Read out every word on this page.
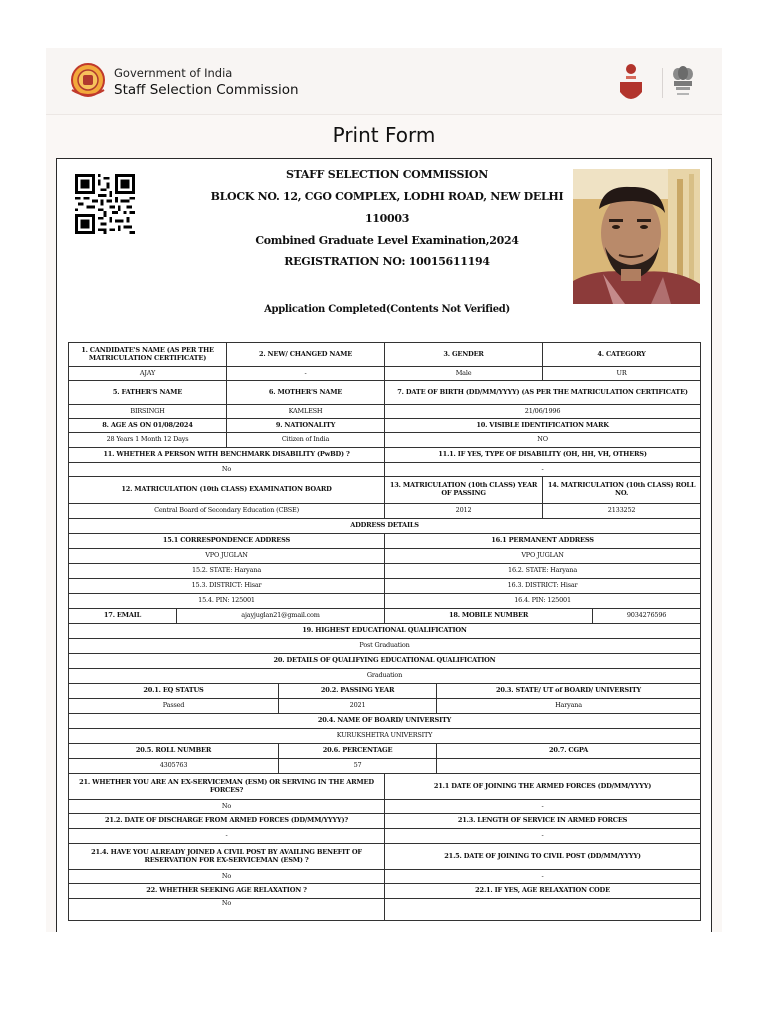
Government of India
Staff Selection Commission
Print Form
STAFF SELECTION COMMISSION
BLOCK NO. 12, CGO COMPLEX, LODHI ROAD, NEW DELHI
110003
Combined Graduate Level Examination,2024
REGISTRATION NO: 10015611194
Application Completed(Contents Not Verified)
1. CANDIDATE'S NAME (AS PER THE MATRICULATION CERTIFICATE)		2. NEW/ CHANGED NAME		3. GENDER		4. CATEGORY	
AJAY		-		Male		UR	
5. FATHER'S NAME		6. MOTHER'S NAME		7. DATE OF BIRTH (DD/MM/YYYY) (AS PER THE MATRICULATION CERTIFICATE)			
BIRSINGH		KAMLESH		21/06/1996			
8. AGE AS ON 01/08/2024		9. NATIONALITY		10. VISIBLE IDENTIFICATION MARK			
28 Years 1 Month 12 Days		Citizen of India		NO			
11. WHETHER A PERSON WITH BENCHMARK DISABILITY (PwBD) ?				11.1. IF YES, TYPE OF DISABILITY (OH, HH, VH, OTHERS)			
No				-			
12. MATRICULATION (10th CLASS) EXAMINATION BOARD				13. MATRICULATION (10th CLASS) YEAR OF PASSING		14. MATRICULATION (10th CLASS) ROLL NO.	
Central Board of Secondary Education (CBSE)				2012		2133252	
ADDRESS DETAILS							
15.1 CORRESPONDENCE ADDRESS				16.1 PERMANENT ADDRESS			
VPO JUGLAN				VPO JUGLAN			
15.2. STATE: Haryana				16.2. STATE: Haryana			
15.3. DISTRICT: Hisar				16.3. DISTRICT: Hisar			
15.4. PIN: 125001				16.4. PIN: 125001			
17. EMAIL	ajayjuglan21@gmail.com			18. MOBILE NUMBER			9034276596
19. HIGHEST EDUCATIONAL QUALIFICATION							
Post Graduation							
20. DETAILS OF QUALIFYING EDUCATIONAL QUALIFICATION							
Graduation							
20.1. EQ STATUS			20.2. PASSING YEAR		20.3. STATE/ UT of BOARD/ UNIVERSITY		
Passed			2021		Haryana		
20.4. NAME OF BOARD/ UNIVERSITY							
KURUKSHETRA UNIVERSITY							
20.5. ROLL NUMBER			20.6. PERCENTAGE		20.7. CGPA		
4305763			57				
21. WHETHER YOU ARE AN EX-SERVICEMAN (ESM) OR SERVING IN THE ARMED FORCES?				21.1 DATE OF JOINING THE ARMED FORCES (DD/MM/YYYY)			
No				-			
21.2. DATE OF DISCHARGE FROM ARMED FORCES (DD/MM/YYYY)?				21.3. LENGTH OF SERVICE IN ARMED FORCES			
-				-			
21.4. HAVE YOU ALREADY JOINED A CIVIL POST BY AVAILING BENEFIT OF RESERVATION FOR EX-SERVICEMAN (ESM) ?				21.5. DATE OF JOINING TO CIVIL POST (DD/MM/YYYY)			
No				-			
22. WHETHER SEEKING AGE RELAXATION ?				22.1. IF YES, AGE RELAXATION CODE			
No							
